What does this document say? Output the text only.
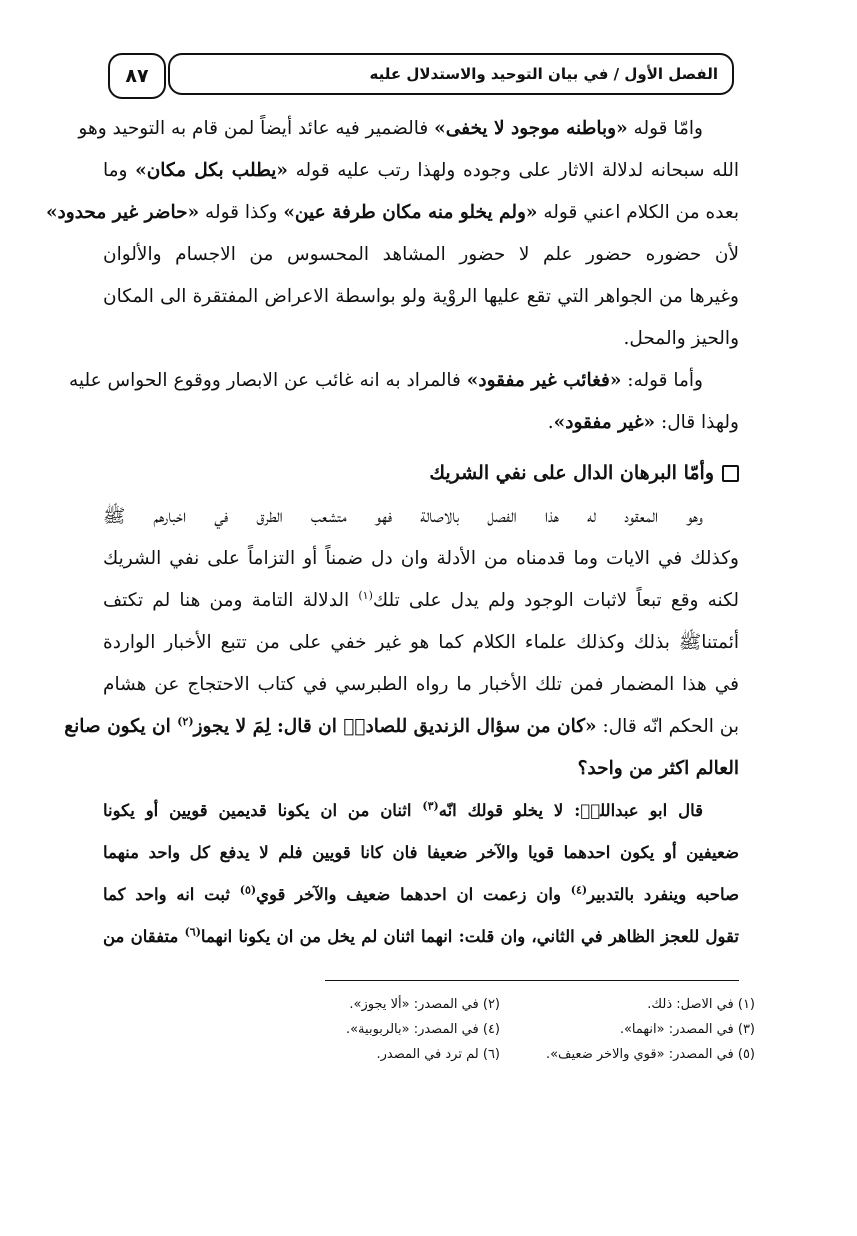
٨٧	الفصل الأول / في بيان التوحيد والاستدلال عليه
وامّا قوله «وباطنه موجود لا يخفى» فالضمير فيه عائد أيضاً لمن قام به التوحيد وهو
الله سبحانه لدلالة الاثار على وجوده ولهذا رتب عليه قوله «يطلب بكل مكان» وما
بعده من الكلام اعني قوله «ولم يخلو منه مكان طرفة عين» وكذا قوله «حاضر غير محدود»
لأن حضوره حضور علم لا حضور المشاهد المحسوس من الاجسام والألوان
وغيرها من الجواهر التي تقع عليها الروْية ولو بواسطة الاعراض المفتقرة الى المكان
والحيز والمحل.
وأما قوله: «فغائب غير مفقود» فالمراد به انه غائب عن الابصار ووقوع الحواس عليه
ولهذا قال: «غير مفقود».
وأمّا البرهان الدال على نفي الشريك
وهو المعقود له هذا الفصل بالاصالة فهو متشعب الطرق في اخبارهم ﷺ
وكذلك في الايات وما قدمناه من الأدلة وان دل ضمناً أو التزاماً على نفي الشريك
لكنه وقع تبعاً لاثبات الوجود ولم يدل على تلك$^{(١)}$ الدلالة التامة ومن هنا لم تكتف
أئمتناﷺ بذلك وكذلك علماء الكلام كما هو غير خفي على من تتبع الأخبار الواردة
في هذا المضمار فمن تلك الأخبار ما رواه الطبرسي في كتاب الاحتجاج عن هشام
بن الحكم انّه قال: «كان من سؤال الزنديق للصادقؑ ان قال: لِمَ لا يجوز$^{(٢)}$ ان يكون صانع
العالم اكثر من واحد؟
قال ابو عبداللهؑ: لا يخلو قولك انّه$^{(٣)}$ اثنان من ان يكونا قديمين قويين أو يكونا
ضعيفين أو يكون احدهما قويا والآخر ضعيفا فان كانا قويين فلم لا يدفع كل واحد منهما
صاحبه وينفرد بالتدبير$^{(٤)}$ وان زعمت ان احدهما ضعيف والآخر قوي$^{(٥)}$ ثبت انه واحد كما
تقول للعجز الظاهر في الثاني، وان قلت: انهما اثنان لم يخل من ان يكونا انهما$^{(٦)}$ متفقان من
(١) في الاصل: ذلك.
(٢) في المصدر: «ألا يجوز».
(٣) في المصدر: «انهما».
(٤) في المصدر: «بالربوبية».
(٥) في المصدر: «قوي والاخر ضعيف».
(٦) لم ترد في المصدر.
